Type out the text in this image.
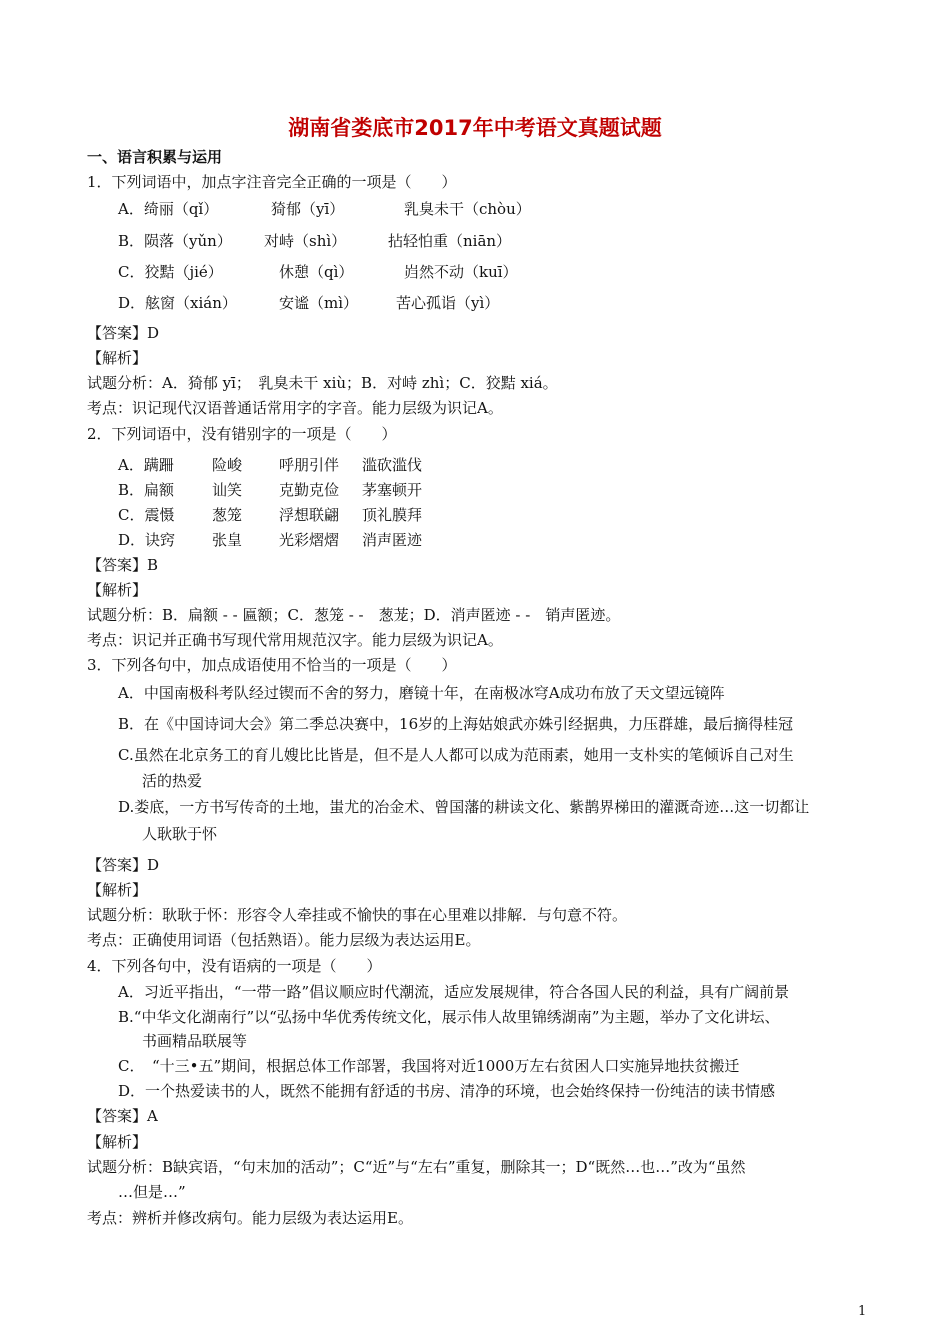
湖南省娄底市2017年中考语文真题试题
一、语言积累与运用
1．下列词语中，加点字注音完全正确的一项是（　　）
A．绮丽（qǐ）	猗郁（yī）	乳臭未干（chòu）
B．陨落（yǔn） 对峙（shì）	拈轻怕重（niān）
C．狡黠（jié）	休憩（qì）	岿然不动（kuī）
D．舷窗（xián）	安谧（mì）	苦心孤诣（yì）
【答案】D
【解析】
试题分析：A．猗郁 yī；　乳臭未干 xiù；B．对峙 zhì；C．狡黠 xiá。
考点：识记现代汉语普通话常用字的字音。能力层级为识记A。
2．下列词语中，没有错别字的一项是（　　）
A．蹒跚	险峻 呼朋引伴 滥砍滥伐
B．扁额	讪笑 克勤克俭 茅塞顿开
C．震慑	葱笼 浮想联翩 顶礼膜拜
D．诀窍 张皇 光彩熠熠 消声匿迹
【答案】B
【解析】
试题分析：B．扁额 - - 匾额；C．葱笼 - -　葱茏；D．消声匿迹 - -　销声匿迹。
考点：识记并正确书写现代常用规范汉字。能力层级为识记A。
3．下列各句中，加点成语使用不恰当的一项是（　　）
A．中国南极科考队经过锲而不舍的努力，磨镜十年，在南极冰穹A成功布放了天文望远镜阵
B．在《中国诗词大会》第二季总决赛中，16岁的上海姑娘武亦姝引经据典，力压群雄，最后摘得桂冠
C.虽然在北京务工的育儿嫂比比皆是，但不是人人都可以成为范雨素，她用一支朴实的笔倾诉自己对生
活的热爱
D.娄底，一方书写传奇的土地，蚩尤的冶金术、曾国藩的耕读文化、紫鹊界梯田的灌溉奇迹…这一切都让
人耿耿于怀
【答案】D
【解析】
试题分析：耿耿于怀：形容令人牵挂或不愉快的事在心里难以排解．与句意不符。
考点：正确使用词语（包括熟语）。能力层级为表达运用E。
4．下列各句中，没有语病的一项是（　　）
A．习近平指出，“一带一路”倡议顺应时代潮流，适应发展规律，符合各国人民的利益，具有广阔前景
B.“中华文化湖南行”以“弘扬中华优秀传统文化，展示伟人故里锦绣湖南”为主题，举办了文化讲坛、
书画精品联展等
C．　“十三•五”期间，根据总体工作部署，我国将对近1000万左右贫困人口实施异地扶贫搬迁
D．一个热爱读书的人，既然不能拥有舒适的书房、清净的环境，也会始终保持一份纯洁的读书情感
【答案】A
【解析】
试题分析：B缺宾语，“句末加的活动”；C“近”与“左右”重复，删除其一；D“既然…也…”改为“虽然
…但是…”
考点：辨析并修改病句。能力层级为表达运用E。
1
